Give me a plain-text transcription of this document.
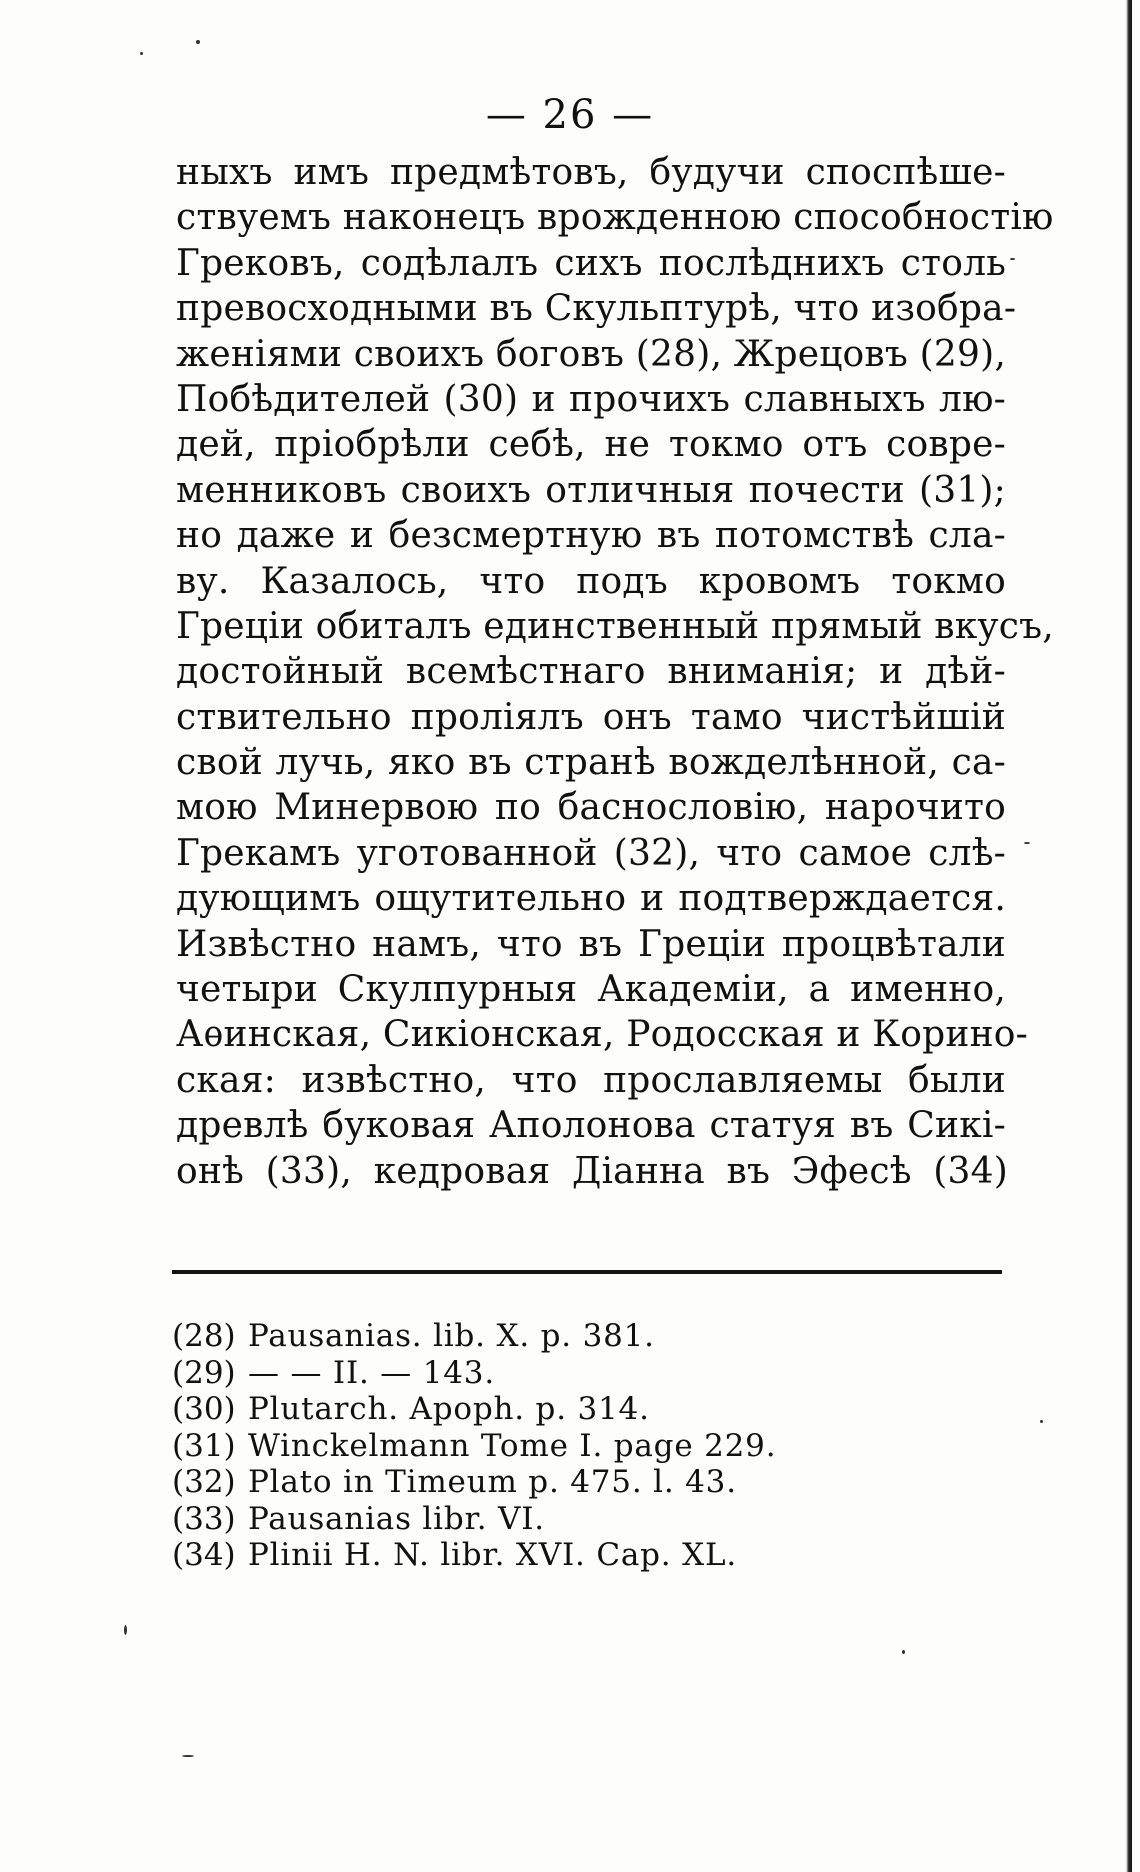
— 26 —
ныхъ имъ предмѣтовъ, будучи споспѣше-
ствуемъ наконецъ врожденною способностію
Грековъ, содѣлалъ сихъ послѣднихъ столь
превосходными въ Скульптурѣ, что изобра-
женіями своихъ боговъ (28), Жрецовъ (29),
Побѣдителей (30) и прочихъ славныхъ лю-
дей, пріобрѣли себѣ, не токмо отъ совре-
менниковъ своихъ отличныя почести (31);
но даже и безсмертную въ потомствѣ сла-
ву. Казалось, что подъ кровомъ токмо
Греціи обиталъ единственный прямый вкусъ,
достойный всемѣстнаго вниманія; и дѣй-
ствительно проліялъ онъ тамо чистѣйшій
свой лучь, яко въ странѣ вожделѣнной, са-
мою Минервою по баснословію, нарочито
Грекамъ уготованной (32), что самое слѣ-
дующимъ ощутительно и подтверждается.
Извѣстно намъ, что въ Греціи процвѣтали
четыри Скулпурныя Академіи, а именно,
Аѳинская, Сикіонская, Родосская и Корино-
ская: извѣстно, что прославляемы были
древлѣ буковая Аполонова статуя въ Сикі-
онѣ (33), кедровая Діанна въ Эфесѣ (34)
(28) Pausanias. lib. X. p. 381.
(29) — — II. — 143.
(30) Plutarch. Apoph. p. 314.
(31) Winckelmann Tome I. page 229.
(32) Plato in Timeum p. 475. l. 43.
(33) Pausanias libr. VI.
(34) Plinii H. N. libr. XVI. Cap. XL.
